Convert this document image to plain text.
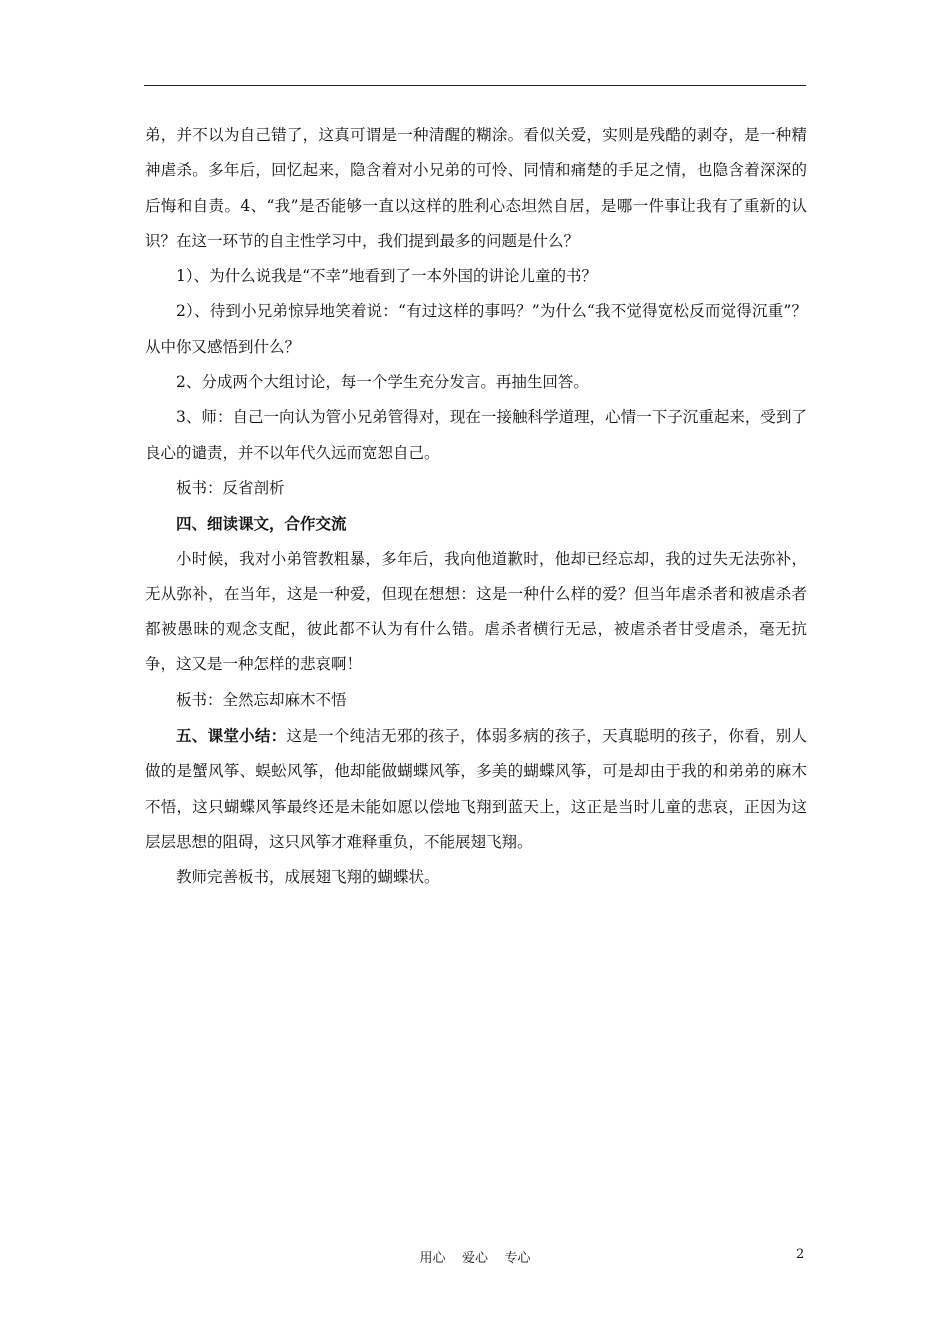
弟，并不以为自己错了，这真可谓是一种清醒的糊涂。看似关爱，实则是残酷的剥夺，是一种精神虐杀。多年后，回忆起来，隐含着对小兄弟的可怜、同情和痛楚的手足之情，也隐含着深深的后悔和自责。4、“我”是否能够一直以这样的胜利心态坦然自居，是哪一件事让我有了重新的认识？在这一环节的自主性学习中，我们提到最多的问题是什么？

1）、为什么说我是“不幸”地看到了一本外国的讲论儿童的书？

2）、待到小兄弟惊异地笑着说：“有过这样的事吗？”为什么“我不觉得宽松反而觉得沉重”？从中你又感悟到什么？

2、分成两个大组讨论，每一个学生充分发言。再抽生回答。

3、师：自己一向认为管小兄弟管得对，现在一接触科学道理，心情一下子沉重起来，受到了良心的谴责，并不以年代久远而宽恕自己。

板书：反省剖析

四、细读课文，合作交流

小时候，我对小弟管教粗暴，多年后，我向他道歉时，他却已经忘却，我的过失无法弥补，无从弥补，在当年，这是一种爱，但现在想想：这是一种什么样的爱？但当年虐杀者和被虐杀者都被愚昧的观念支配，彼此都不认为有什么错。虐杀者横行无忌，被虐杀者甘受虐杀，毫无抗争，这又是一种怎样的悲哀啊！

板书：全然忘却麻木不悟

五、课堂小结：这是一个纯洁无邪的孩子，体弱多病的孩子，天真聪明的孩子，你看，别人做的是蟹风筝、蜈蚣风筝，他却能做蝴蝶风筝，多美的蝴蝶风筝，可是却由于我的和弟弟的麻木不悟，这只蝴蝶风筝最终还是未能如愿以偿地飞翔到蓝天上，这正是当时儿童的悲哀，正因为这层层思想的阻碍，这只风筝才难释重负，不能展翅飞翔。

教师完善板书，成展翅飞翔的蝴蝶状。

用心    爱心    专心	2
